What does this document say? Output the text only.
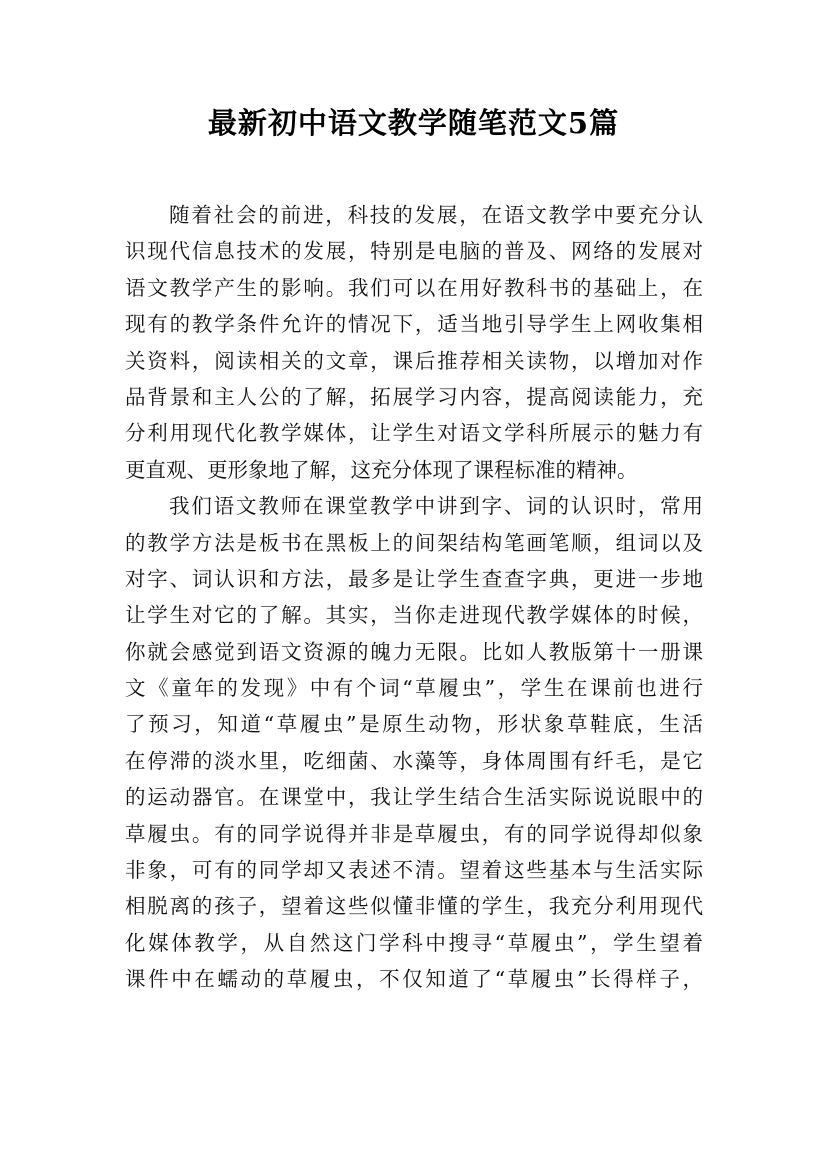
最新初中语文教学随笔范文5篇
随着社会的前进，科技的发展，在语文教学中要充分认
识现代信息技术的发展，特别是电脑的普及、网络的发展对
语文教学产生的影响。我们可以在用好教科书的基础上，在
现有的教学条件允许的情况下，适当地引导学生上网收集相
关资料，阅读相关的文章，课后推荐相关读物，以增加对作
品背景和主人公的了解，拓展学习内容，提高阅读能力，充
分利用现代化教学媒体，让学生对语文学科所展示的魅力有
更直观、更形象地了解，这充分体现了课程标准的精神。
我们语文教师在课堂教学中讲到字、词的认识时，常用
的教学方法是板书在黑板上的间架结构笔画笔顺，组词以及
对字、词认识和方法，最多是让学生查查字典，更进一步地
让学生对它的了解。其实，当你走进现代教学媒体的时候，
你就会感觉到语文资源的魄力无限。比如人教版第十一册课
文《童年的发现》中有个词“草履虫”，学生在课前也进行
了预习，知道“草履虫”是原生动物，形状象草鞋底，生活
在停滞的淡水里，吃细菌、水藻等，身体周围有纤毛，是它
的运动器官。在课堂中，我让学生结合生活实际说说眼中的
草履虫。有的同学说得并非是草履虫，有的同学说得却似象
非象，可有的同学却又表述不清。望着这些基本与生活实际
相脱离的孩子，望着这些似懂非懂的学生，我充分利用现代
化媒体教学，从自然这门学科中搜寻“草履虫”，学生望着
课件中在蠕动的草履虫，不仅知道了“草履虫”长得样子，
